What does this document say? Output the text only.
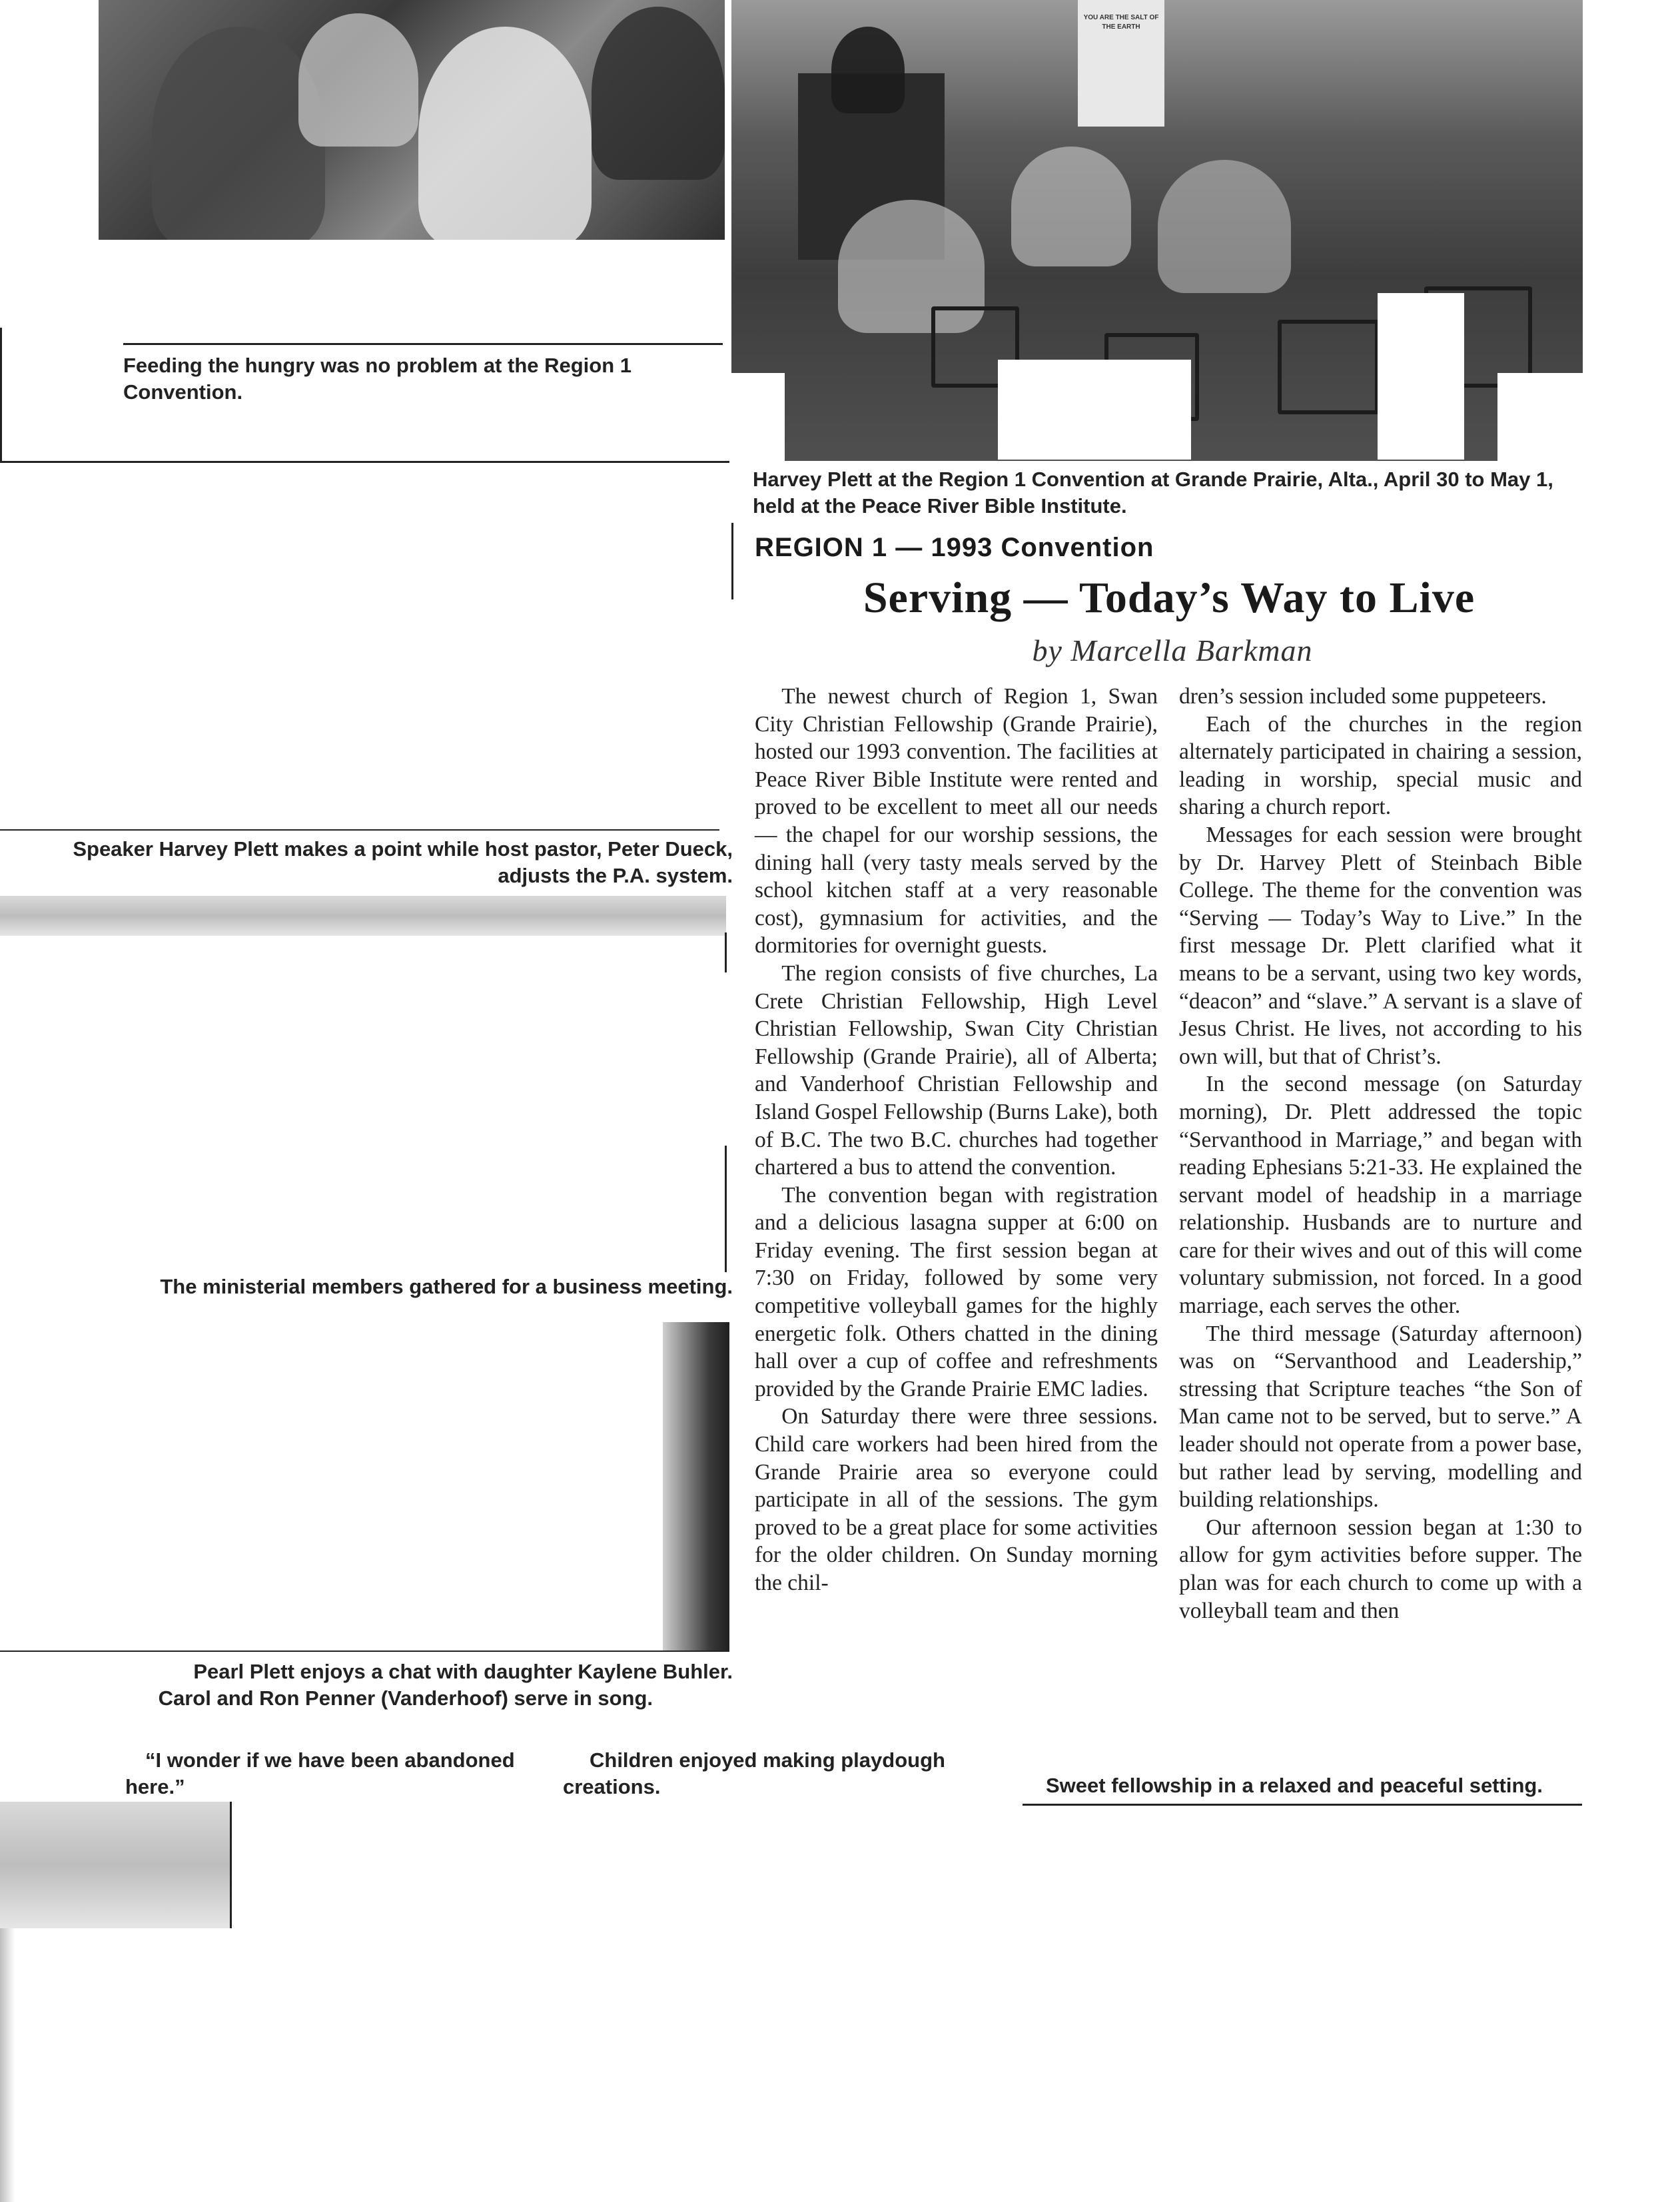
YOU ARE THE SALT OF THE EARTH
Feeding the hungry was no problem at the Region 1 Convention.
Harvey Plett at the Region 1 Convention at Grande Prairie, Alta., April 30 to May 1, held at the Peace River Bible Institute.
REGION 1 — 1993 Convention
Serving — Today’s Way to Live
by Marcella Barkman

The newest church of Region 1, Swan City Christian Fellowship (Grande Prairie), hosted our 1993 convention. The facilities at Peace River Bible Institute were rented and proved to be excellent to meet all our needs — the chapel for our worship sessions, the dining hall (very tasty meals served by the school kitchen staff at a very reasonable cost), gymnasium for activities, and the dormitories for overnight guests.

The region consists of five churches, La Crete Christian Fellowship, High Level Christian Fellowship, Swan City Christian Fellowship (Grande Prairie), all of Alberta; and Vanderhoof Christian Fellowship and Island Gospel Fellowship (Burns Lake), both of B.C. The two B.C. churches had together chartered a bus to attend the convention.

The convention began with registration and a delicious lasagna supper at 6:00 on Friday evening. The first session began at 7:30 on Friday, followed by some very competitive volleyball games for the highly energetic folk. Others chatted in the dining hall over a cup of coffee and refreshments provided by the Grande Prairie EMC ladies.

On Saturday there were three sessions. Child care workers had been hired from the Grande Prairie area so everyone could participate in all of the sessions. The gym proved to be a great place for some activities for the older children. On Sunday morning the chil-

dren’s session included some puppeteers.

Each of the churches in the region alternately participated in chairing a session, leading in worship, special music and sharing a church report.

Messages for each session were brought by Dr. Harvey Plett of Steinbach Bible College. The theme for the convention was “Serving — Today’s Way to Live.” In the first message Dr. Plett clarified what it means to be a servant, using two key words, “deacon” and “slave.” A servant is a slave of Jesus Christ. He lives, not according to his own will, but that of Christ’s.

In the second message (on Saturday morning), Dr. Plett addressed the topic “Servanthood in Marriage,” and began with reading Ephesians 5:21-33. He explained the servant model of headship in a marriage relationship. Husbands are to nurture and care for their wives and out of this will come voluntary submission, not forced. In a good marriage, each serves the other.

The third message (Saturday afternoon) was on “Servanthood and Leadership,” stressing that Scripture teaches “the Son of Man came not to be served, but to serve.” A leader should not operate from a power base, but rather lead by serving, modelling and building relationships.

Our afternoon session began at 1:30 to allow for gym activities before supper. The plan was for each church to come up with a volleyball team and then

Speaker Harvey Plett makes a point while host pastor, Peter Dueck, adjusts the P.A. system.
The ministerial members gathered for a business meeting.
Pearl Plett enjoys a chat with daughter Kaylene Buhler.
Carol and Ron Penner (Vanderhoof) serve in song.
“I wonder if we have been abandoned here.”
Children enjoyed making playdough creations.	Sweet fellowship in a relaxed and peaceful setting.
